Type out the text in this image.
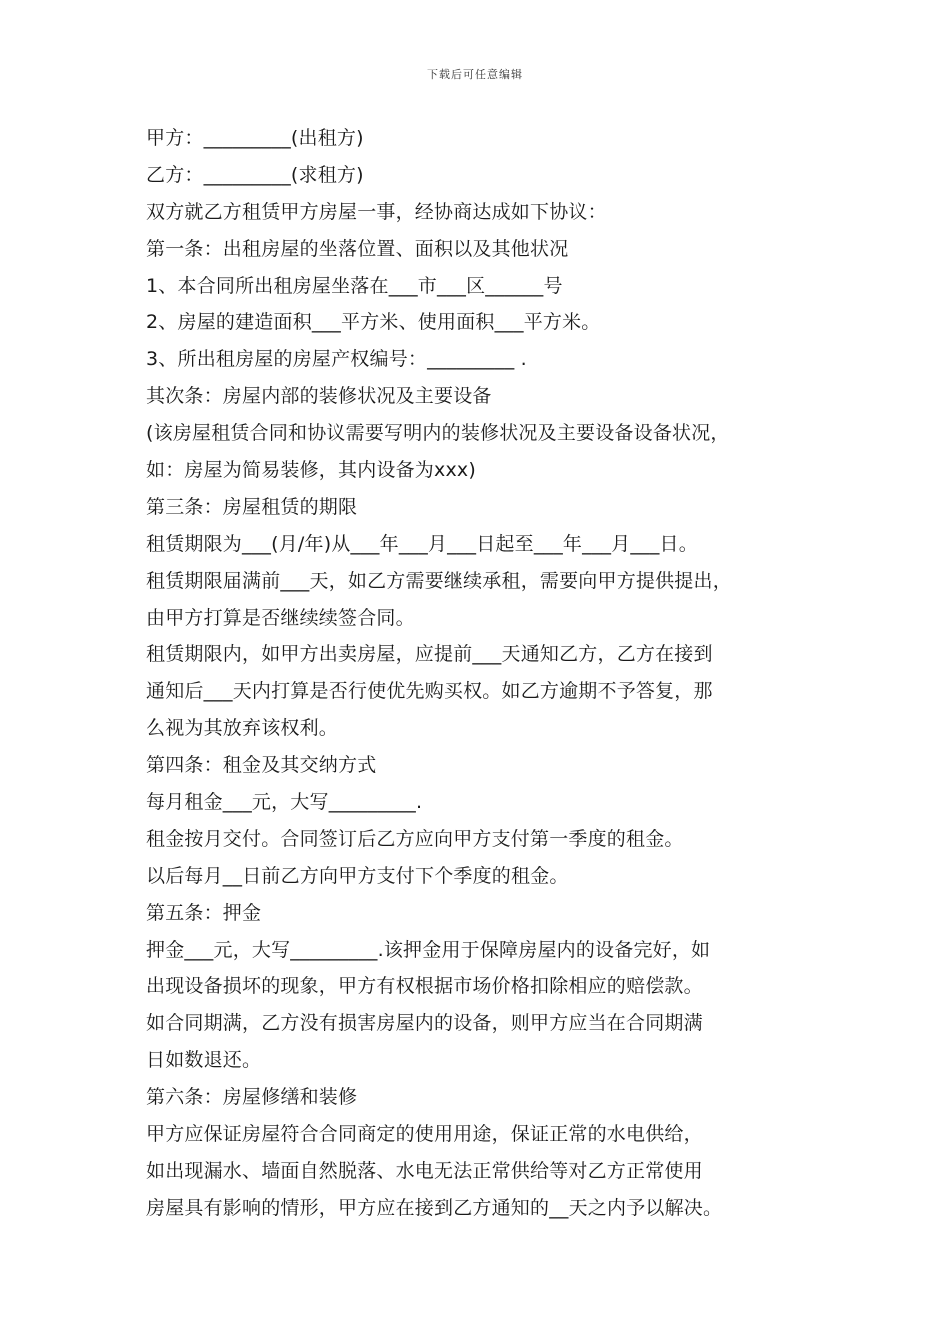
下载后可任意编辑
甲方：_________(出租方)
乙方：_________(求租方)
双方就乙方租赁甲方房屋一事，经协商达成如下协议：
第一条：出租房屋的坐落位置、面积以及其他状况
1、本合同所出租房屋坐落在___市___区______号
2、房屋的建造面积___平方米、使用面积___平方米。
3、所出租房屋的房屋产权编号：_________ .
其次条：房屋内部的装修状况及主要设备
(该房屋租赁合同和协议需要写明内的装修状况及主要设备设备状况，
如：房屋为简易装修，其内设备为xxx)
第三条：房屋租赁的期限
租赁期限为___(月/年)从___年___月___日起至___年___月___日。
租赁期限届满前___天，如乙方需要继续承租，需要向甲方提供提出，
由甲方打算是否继续续签合同。
租赁期限内，如甲方出卖房屋，应提前___天通知乙方，乙方在接到
通知后___天内打算是否行使优先购买权。如乙方逾期不予答复，那
么视为其放弃该权利。
第四条：租金及其交纳方式
每月租金___元，大写_________.
租金按月交付。合同签订后乙方应向甲方支付第一季度的租金。
以后每月__日前乙方向甲方支付下个季度的租金。
第五条：押金
押金___元，大写_________.该押金用于保障房屋内的设备完好，如
出现设备损坏的现象，甲方有权根据市场价格扣除相应的赔偿款。
如合同期满，乙方没有损害房屋内的设备，则甲方应当在合同期满
日如数退还。
第六条：房屋修缮和装修
甲方应保证房屋符合合同商定的使用用途，保证正常的水电供给，
如出现漏水、墙面自然脱落、水电无法正常供给等对乙方正常使用
房屋具有影响的情形，甲方应在接到乙方通知的__天之内予以解决。
